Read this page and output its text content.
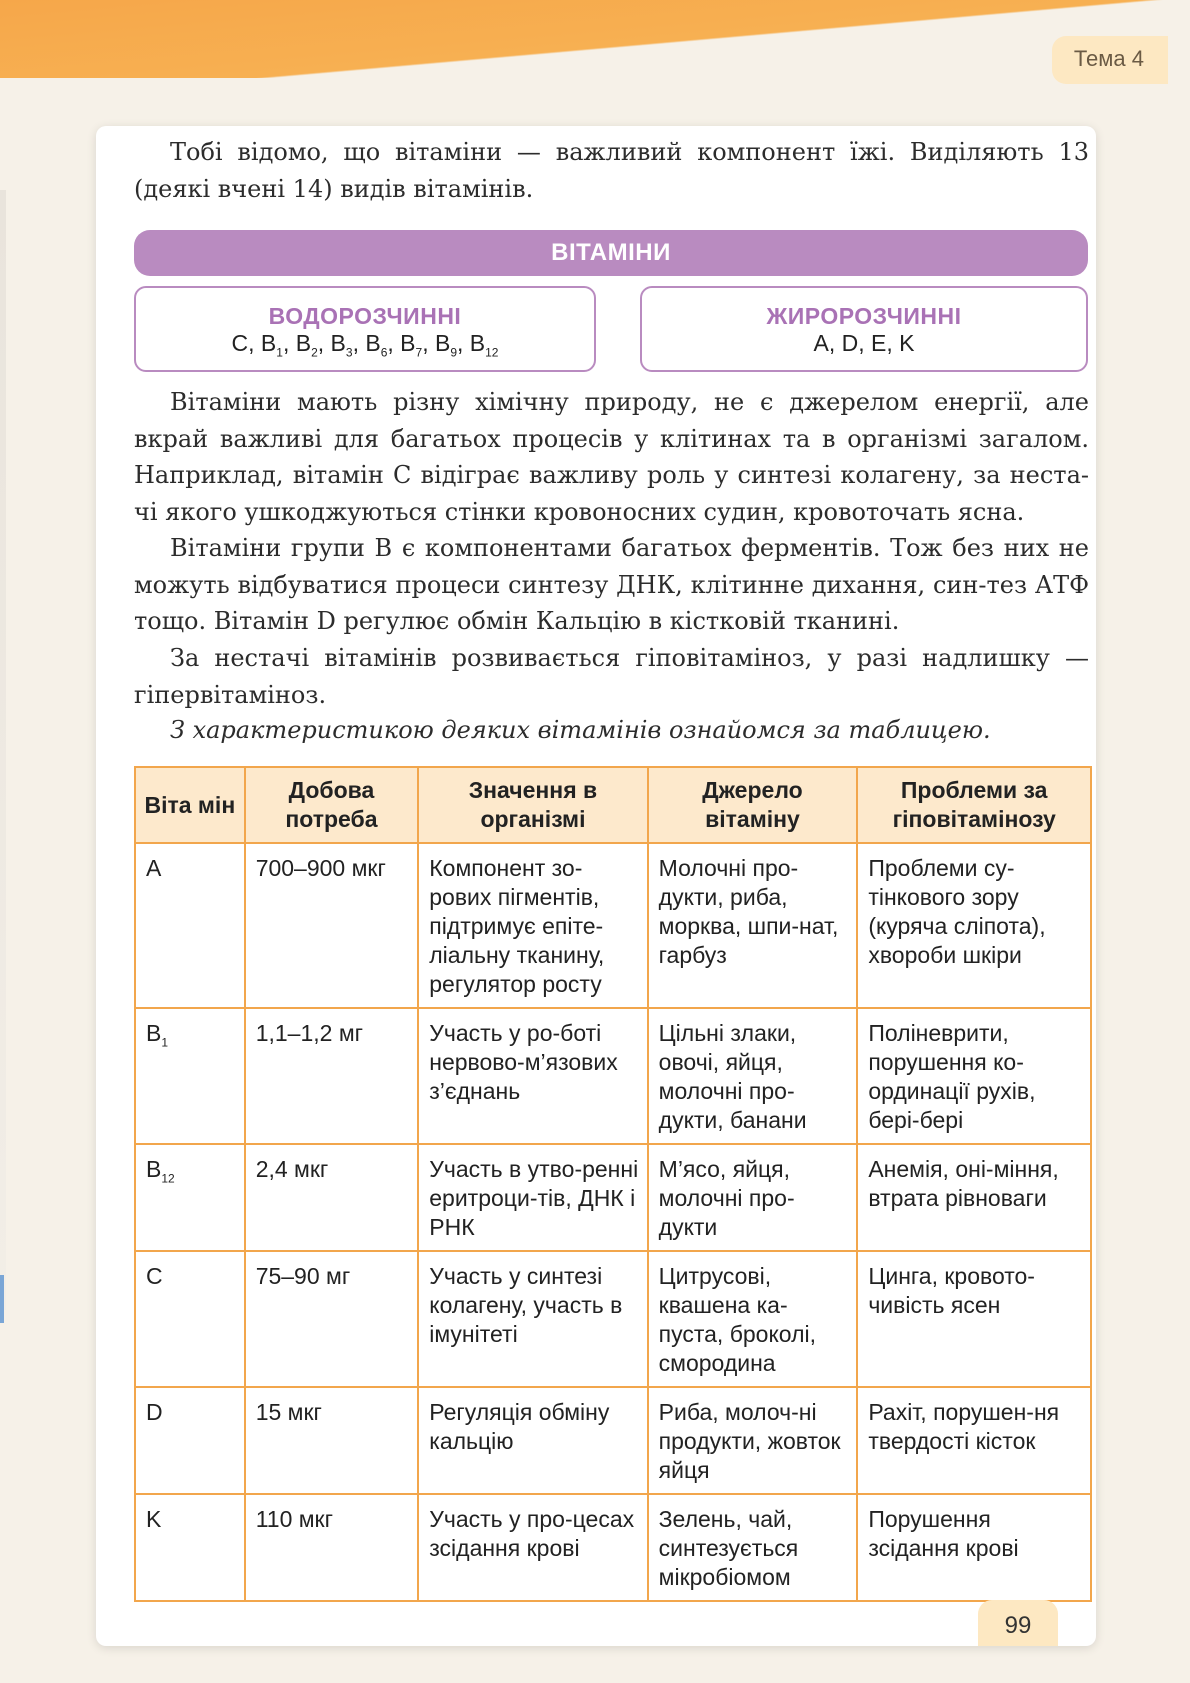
Тема 4
Тобі відомо, що вітаміни — важливий компонент їжі. Виділяють 13 (деякі вчені 14) видів вітамінів.
ВІТАМІНИ
ВОДОРОЗЧИННІ
C, $B_1$, $B_2$, $B_3$, $B_6$, $B_7$, $B_9$, $B_{12}$
ЖИРОРОЗЧИННІ
A, D, E, K
Вітаміни мають різну хімічну природу, не є джерелом енергії, але вкрай важливі для багатьох процесів у клітинах та в організмі загалом. Наприклад, вітамін С відіграє важливу роль у синтезі колагену, за неста-чі якого ушкоджуються стінки кровоносних судин, кровоточать ясна.
Вітаміни групи В є компонентами багатьох ферментів. Тож без них не можуть відбуватися процеси синтезу ДНК, клітинне дихання, син-тез АТФ тощо. Вітамін D регулює обмін Кальцію в кістковій тканині.
За нестачі вітамінів розвивається гіповітаміноз, у разі надлишку — гіпервітаміноз.
З характеристикою деяких вітамінів ознайомся за таблицею.
Віта мін	Добова потреба	Значення в організмі	Джерело вітаміну	Проблеми за гіповітамінозу
A	700–900 мкг	Компонент зо-рових пігментів, підтримує епіте-ліальну тканину, регулятор росту	Молочні про-дукти, риба, морква, шпи-нат, гарбуз	Проблеми су-тінкового зору (куряча сліпота), хвороби шкіри
$B_1$	1,1–1,2 мг	Участь у ро-боті нервово-м’язових з’єднань	Цільні злаки, овочі, яйця, молочні про-дукти, банани	Поліневрити, порушення ко-ординації рухів, бері-бері
$B_{12}$	2,4 мкг	Участь в утво-ренні еритроци-тів, ДНК і РНК	М’ясо, яйця, молочні про-дукти	Анемія, оні-міння, втрата рівноваги
C	75–90 мг	Участь у синтезі колагену, участь в імунітеті	Цитрусові, квашена ка-пуста, броколі, смородина	Цинга, кровото-чивість ясен
D	15 мкг	Регуляція обміну кальцію	Риба, молоч-ні продукти, жовток яйця	Рахіт, порушен-ня твердості кісток
K	110 мкг	Участь у про-цесах зсідання крові	Зелень, чай, синтезується мікробіомом	Порушення зсідання крові
99
